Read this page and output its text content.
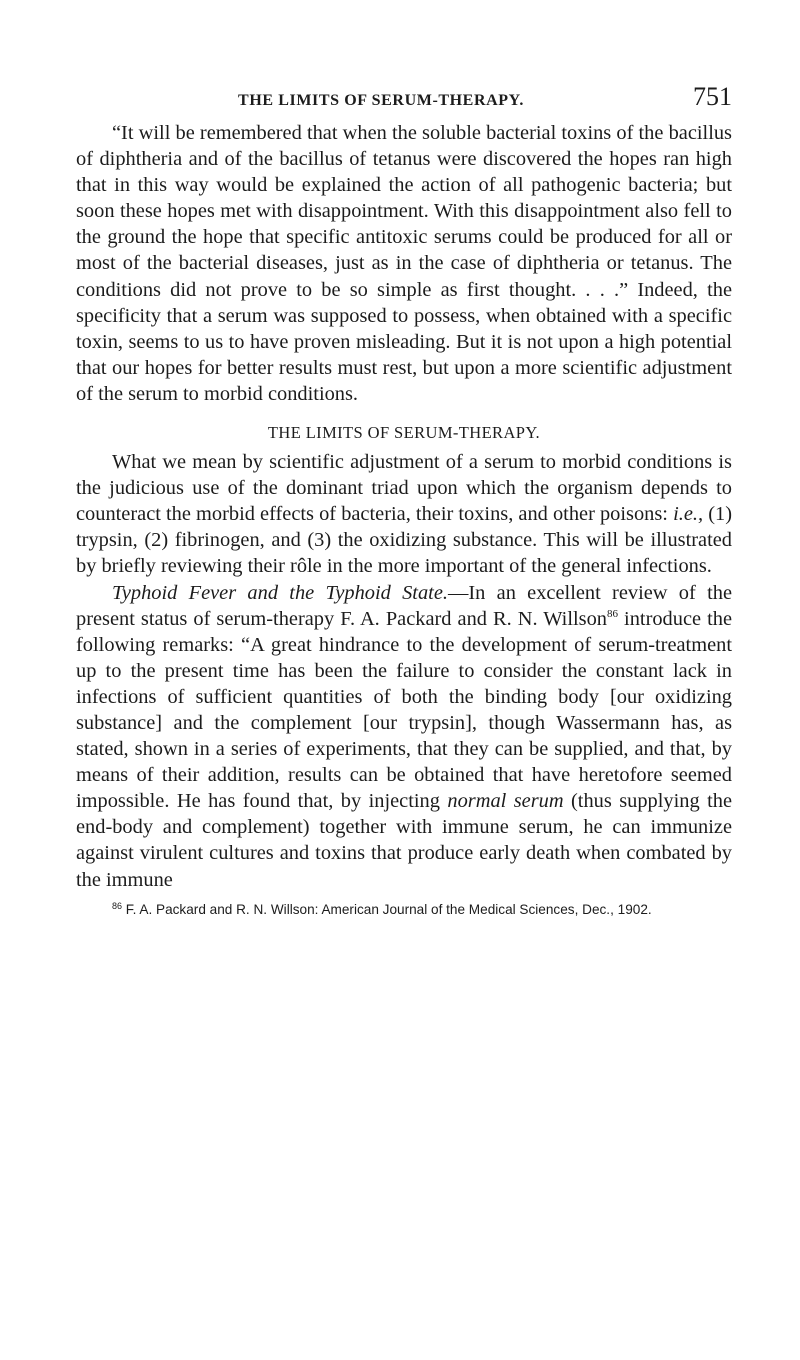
THE LIMITS OF SERUM-THERAPY.	751

“It will be remembered that when the soluble bacterial toxins of the bacillus of diphtheria and of the bacillus of tetanus were discovered the hopes ran high that in this way would be explained the action of all pathogenic bacteria; but soon these hopes met with disappointment. With this disappointment also fell to the ground the hope that specific antitoxic serums could be produced for all or most of the bacterial diseases, just as in the case of diphtheria or tetanus. The conditions did not prove to be so simple as first thought. . . .” Indeed, the specificity that a serum was supposed to possess, when obtained with a specific toxin, seems to us to have proven misleading. But it is not upon a high potential that our hopes for better results must rest, but upon a more scientific adjustment of the serum to morbid conditions.

THE LIMITS OF SERUM-THERAPY.

What we mean by scientific adjustment of a serum to morbid conditions is the judicious use of the dominant triad upon which the organism depends to counteract the morbid effects of bacteria, their toxins, and other poisons: i.e., (1) trypsin, (2) fibrinogen, and (3) the oxidizing substance. This will be illustrated by briefly reviewing their rôle in the more important of the general infections.

Typhoid Fever and the Typhoid State.—In an excellent review of the present status of serum-therapy F. A. Packard and R. N. Willson$^{86}$ introduce the following remarks: “A great hindrance to the development of serum-treatment up to the present time has been the failure to consider the constant lack in infections of sufficient quantities of both the binding body [our oxidizing substance] and the complement [our trypsin], though Wassermann has, as stated, shown in a series of experiments, that they can be supplied, and that, by means of their addition, results can be obtained that have heretofore seemed impossible. He has found that, by injecting normal serum (thus supplying the end-body and complement) together with immune serum, he can immunize against virulent cultures and toxins that produce early death when combated by the immune

$^{86}$ F. A. Packard and R. N. Willson: American Journal of the Medical Sciences, Dec., 1902.
